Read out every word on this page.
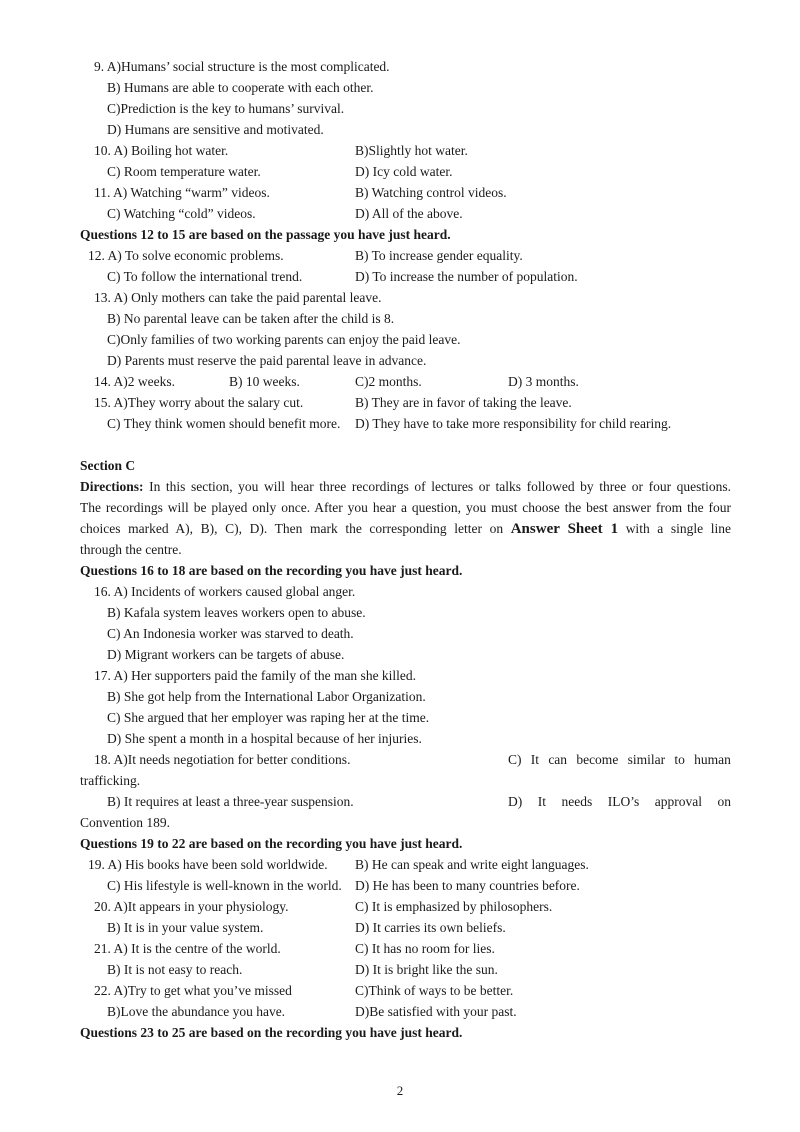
9. A)Humans’ social structure is the most complicated.
B) Humans are able to cooperate with each other.
C)Prediction is the key to humans’ survival.
D) Humans are sensitive and motivated.
10. A) Boiling hot water.	B)Slightly hot water.
C) Room temperature water.	D) Icy cold water.
11. A) Watching “warm” videos.	B) Watching control videos.
C) Watching “cold” videos.	D) All of the above.
Questions 12 to 15 are based on the passage you have just heard.
12. A) To solve economic problems.	B) To increase gender equality.
C) To follow the international trend.	D) To increase the number of population.
13. A) Only mothers can take the paid parental leave.
B) No parental leave can be taken after the child is 8.
C)Only families of two working parents can enjoy the paid leave.
D) Parents must reserve the paid parental leave in advance.
14. A)2 weeks.	B) 10 weeks.	C)2 months.	D) 3 months.
15. A)They worry about the salary cut.	B) They are in favor of taking the leave.
C) They think women should benefit more. D) They have to take more responsibility for child rearing.
Section C
Directions: In this section, you will hear three recordings of lectures or talks followed by three or four questions.
The recordings will be played only once. After you hear a question, you must choose the best answer from the four
choices marked A), B), C), D). Then mark the corresponding letter on Answer Sheet 1 with a single line
through the centre.
Questions 16 to 18 are based on the recording you have just heard.
16. A) Incidents of workers caused global anger.
B) Kafala system leaves workers open to abuse.
C) An Indonesia worker was starved to death.
D) Migrant workers can be targets of abuse.
17. A) Her supporters paid the family of the man she killed.
B) She got help from the International Labor Organization.
C) She argued that her employer was raping her at the time.
D) She spent a month in a hospital because of her injuries.
18. A)It needs negotiation for better conditions.	C) It can become similar to human
trafficking.
B) It requires at least a three-year suspension.	D) It needs ILO’s approval on
Convention 189.
Questions 19 to 22 are based on the recording you have just heard.
19. A) His books have been sold worldwide. B) He can speak and write eight languages.
C) His lifestyle is well-known in the world. D) He has been to many countries before.
20. A)It appears in your physiology.	C) It is emphasized by philosophers.
B) It is in your value system.	D) It carries its own beliefs.
21. A) It is the centre of the world.	C) It has no room for lies.
B) It is not easy to reach.	D) It is bright like the sun.
22. A)Try to get what you’ve missed	C)Think of ways to be better.
B)Love the abundance you have.	D)Be satisfied with your past.
Questions 23 to 25 are based on the recording you have just heard.
2
